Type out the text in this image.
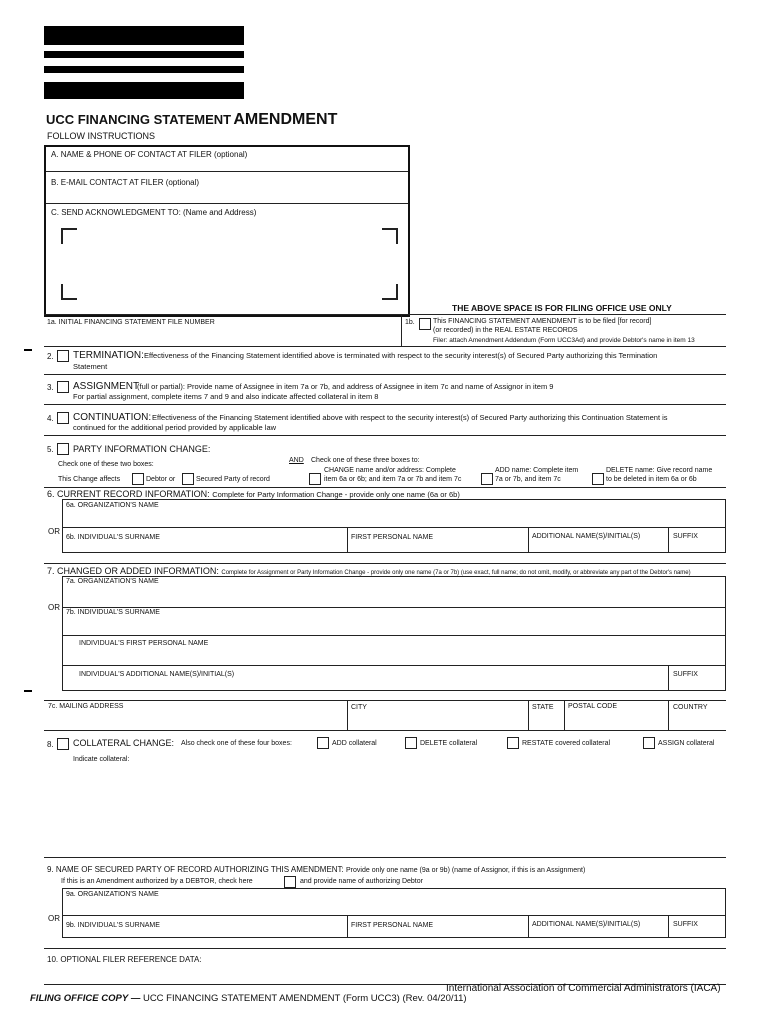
UCC FINANCING STATEMENT AMENDMENT
FOLLOW INSTRUCTIONS
A. NAME & PHONE OF CONTACT AT FILER (optional)
B. E-MAIL CONTACT AT FILER (optional)
C. SEND ACKNOWLEDGMENT TO: (Name and Address)
THE ABOVE SPACE IS FOR FILING OFFICE USE ONLY
1a. INITIAL FINANCING STATEMENT FILE NUMBER	1b.	This FINANCING STATEMENT AMENDMENT is to be filed [for record]
(or recorded) in the REAL ESTATE RECORDS
Filer: attach Amendment Addendum (Form UCC3Ad) and provide Debtor's name in item 13
2. TERMINATION: Effectiveness of the Financing Statement identified above is terminated with respect to the security interest(s) of Secured Party authorizing this Termination
Statement
3. ASSIGNMENT
(full or partial): Provide name of Assignee in item 7a or 7b, and address of Assignee in item 7c and name of Assignor in item 9
For partial assignment, complete items 7 and 9 and also indicate affected collateral in item 8
4. CONTINUATION: Effectiveness of the Financing Statement identified above with respect to the security interest(s) of Secured Party authorizing this Continuation Statement is
continued for the additional period provided by applicable law
5. PARTY INFORMATION CHANGE:
Check one of these two boxes:
AND Check one of these three boxes to:
This Change affects	Debtor or	Secured Party of record
CHANGE name and/or address: Complete
item 6a or 6b; and item 7a or 7b and item 7c
ADD name: Complete item
7a or 7b, and item 7c
DELETE name: Give record name
to be deleted in item 6a or 6b
6. CURRENT RECORD INFORMATION: Complete for Party Information Change - provide only one name (6a or 6b)
6a. ORGANIZATION'S NAME
OR
6b. INDIVIDUAL'S SURNAME	FIRST PERSONAL NAME	ADDITIONAL NAME(S)/INITIAL(S)	SUFFIX
7. CHANGED OR ADDED INFORMATION: Complete for Assignment or Party Information Change - provide only one name (7a or 7b) (use exact, full name; do not omit, modify, or abbreviate any part of the Debtor's name)
7a. ORGANIZATION'S NAME
OR
7b. INDIVIDUAL'S SURNAME
INDIVIDUAL'S FIRST PERSONAL NAME
INDIVIDUAL'S ADDITIONAL NAME(S)/INITIAL(S)	SUFFIX
7c. MAILING ADDRESS	CITY	STATE POSTAL CODE	COUNTRY
8. COLLATERAL CHANGE: Also check one of these four boxes:	ADD collateral	DELETE collateral	RESTATE covered collateral	ASSIGN collateral
Indicate collateral:
9. NAME OF SECURED PARTY OF RECORD AUTHORIZING THIS AMENDMENT: Provide only one name (9a or 9b) (name of Assignor, if this is an Assignment)
If this is an Amendment authorized by a DEBTOR, check here	and provide name of authorizing Debtor
9a. ORGANIZATION'S NAME
OR
9b. INDIVIDUAL'S SURNAME	FIRST PERSONAL NAME	ADDITIONAL NAME(S)/INITIAL(S)	SUFFIX
10. OPTIONAL FILER REFERENCE DATA:
International Association of Commercial Administrators (IACA)
FILING OFFICE COPY — UCC FINANCING STATEMENT AMENDMENT (Form UCC3) (Rev. 04/20/11)
